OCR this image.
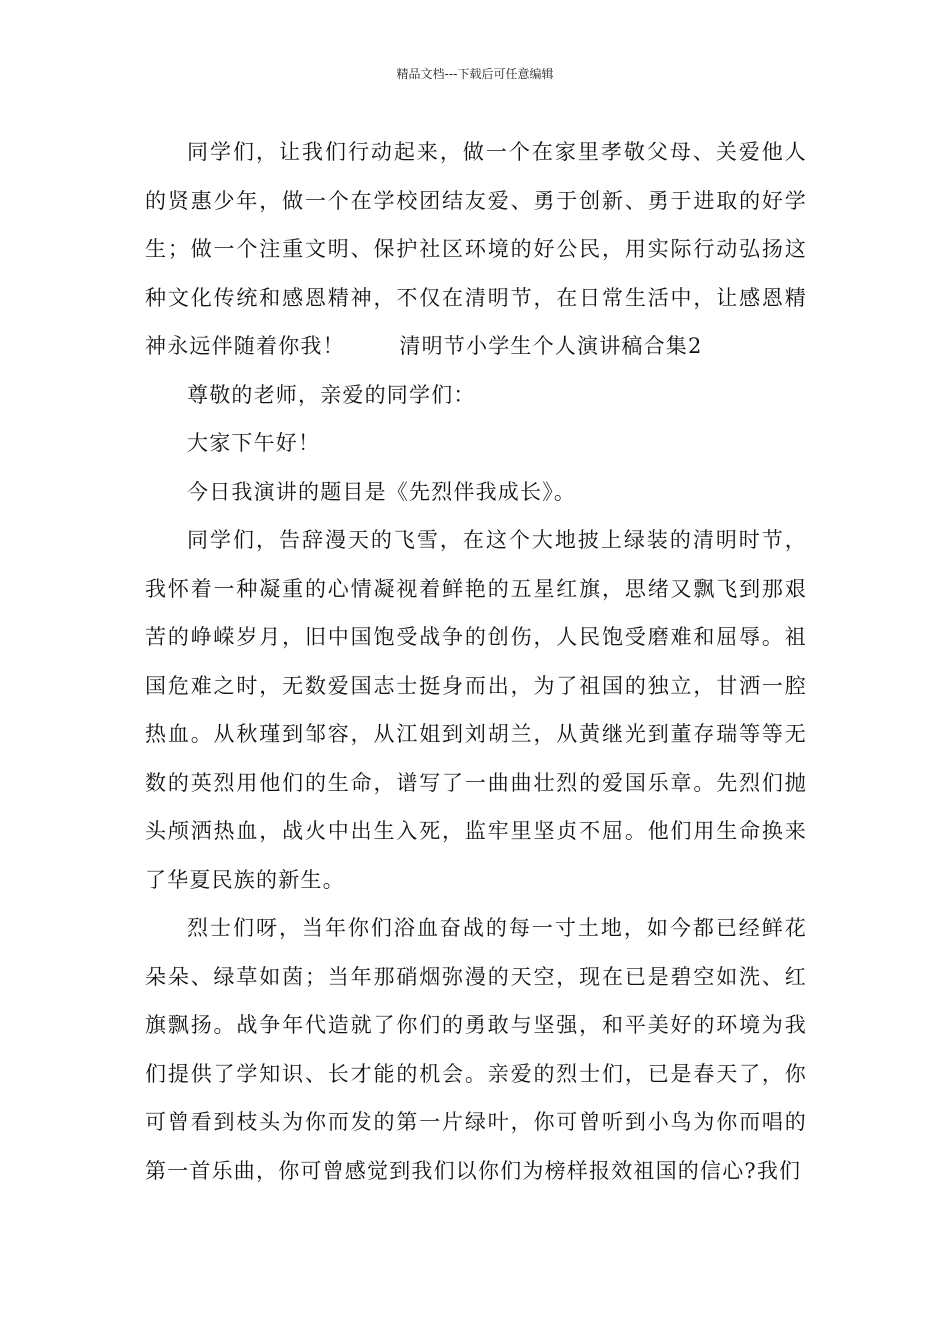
精品文档---下载后可任意编辑

同学们，让我们行动起来，做一个在家里孝敬父母、关爱他人的贤惠少年，做一个在学校团结友爱、勇于创新、勇于进取的好学生；做一个注重文明、保护社区环境的好公民，用实际行动弘扬这种文化传统和感恩精神，不仅在清明节，在日常生活中，让感恩精神永远伴随着你我！	清明节小学生个人演讲稿合集2

尊敬的老师，亲爱的同学们：

大家下午好！

今日我演讲的题目是《先烈伴我成长》。

同学们，告辞漫天的飞雪，在这个大地披上绿装的清明时节，我怀着一种凝重的心情凝视着鲜艳的五星红旗，思绪又飘飞到那艰苦的峥嵘岁月，旧中国饱受战争的创伤，人民饱受磨难和屈辱。祖国危难之时，无数爱国志士挺身而出，为了祖国的独立，甘洒一腔热血。从秋瑾到邹容，从江姐到刘胡兰，从黄继光到董存瑞等等无数的英烈用他们的生命，谱写了一曲曲壮烈的爱国乐章。先烈们抛头颅洒热血，战火中出生入死，监牢里坚贞不屈。他们用生命换来了华夏民族的新生。

烈士们呀，当年你们浴血奋战的每一寸土地，如今都已经鲜花朵朵、绿草如茵；当年那硝烟弥漫的天空，现在已是碧空如洗、红旗飘扬。战争年代造就了你们的勇敢与坚强，和平美好的环境为我们提供了学知识、长才能的机会。亲爱的烈士们，已是春天了，你可曾看到枝头为你而发的第一片绿叶，你可曾听到小鸟为你而唱的第一首乐曲，你可曾感觉到我们以你们为榜样报效祖国的信心?我们
